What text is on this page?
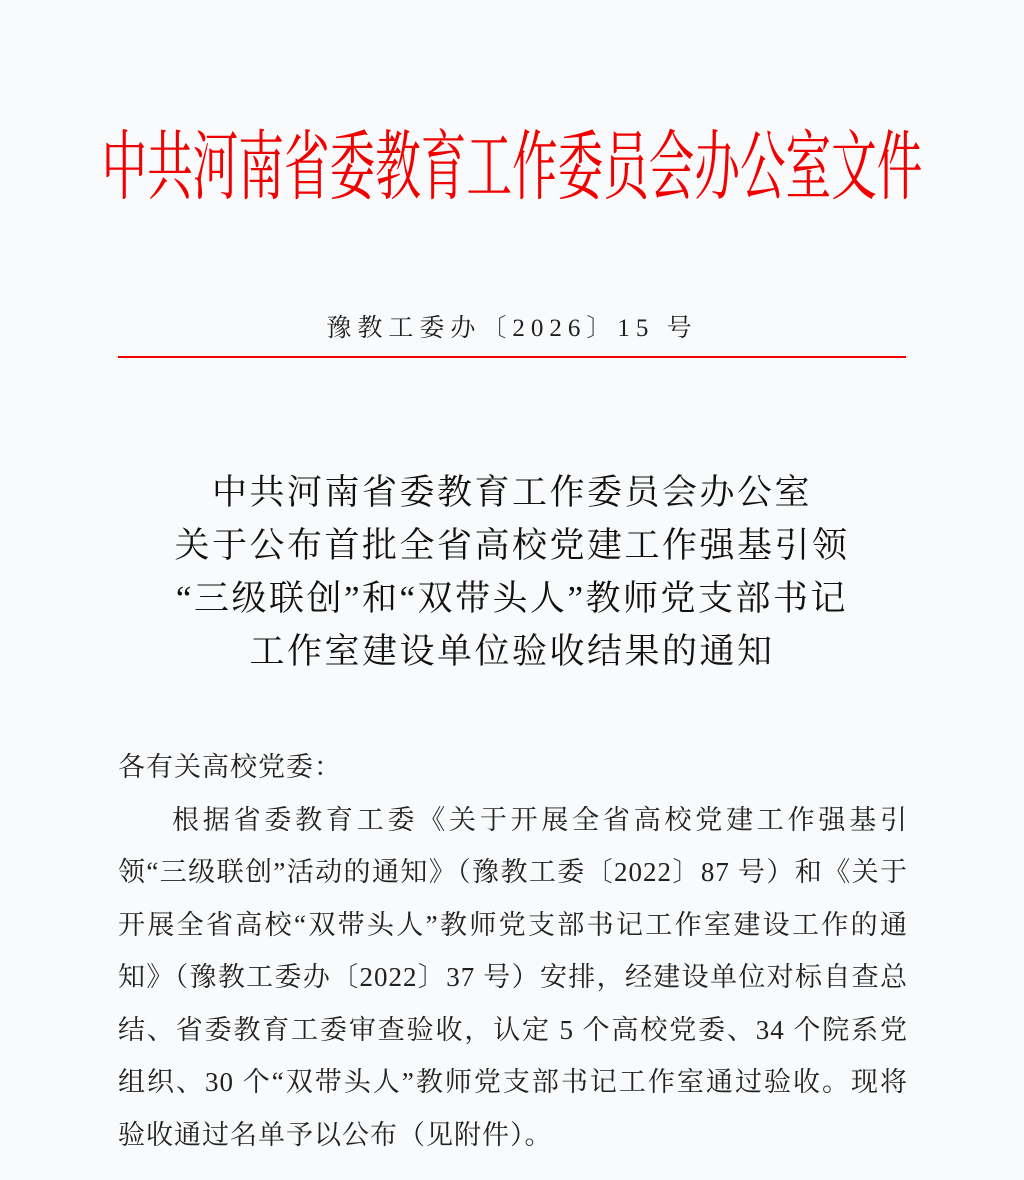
中共河南省委教育工作委员会办公室文件
豫教工委办〔2026〕15 号
中共河南省委教育工作委员会办公室
关于公布首批全省高校党建工作强基引领
“三级联创”和“双带头人”教师党支部书记
工作室建设单位验收结果的通知
各有关高校党委：

根据省委教育工委《关于开展全省高校党建工作强基引领“三级联创”活动的通知》（豫教工委〔2022〕87 号）和《关于开展全省高校“双带头人”教师党支部书记工作室建设工作的通知》（豫教工委办〔2022〕37 号）安排，经建设单位对标自查总结、省委教育工委审查验收，认定 5 个高校党委、34 个院系党组织、30 个“双带头人”教师党支部书记工作室通过验收。现将验收通过名单予以公布（见附件）。
